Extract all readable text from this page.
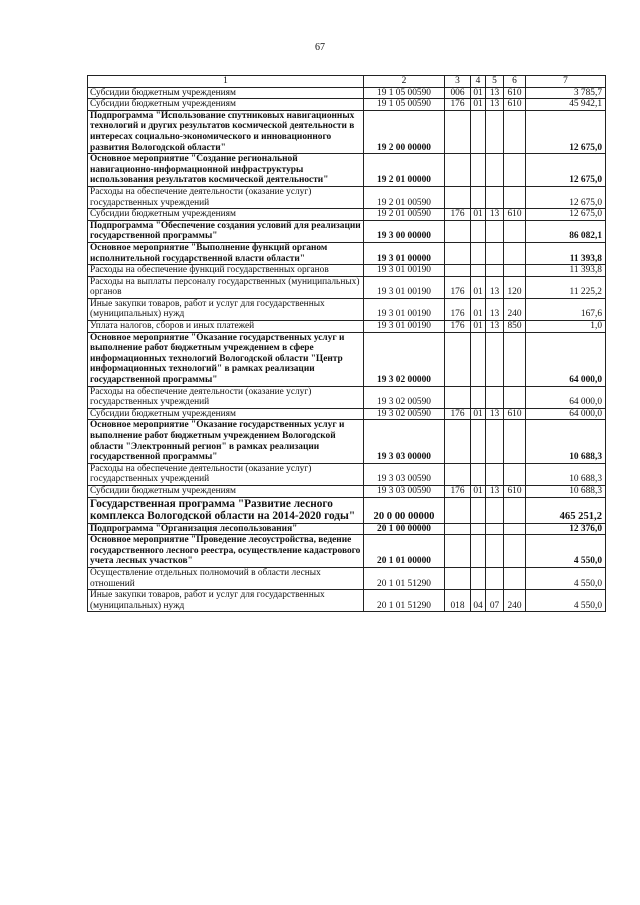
67
1	2	3	4	5	6	7
Субсидии бюджетным учреждениям	19 1 05 00590	006	01	13	610	3 785,7
Субсидии бюджетным учреждениям	19 1 05 00590	176	01	13	610	45 942,1
Подпрограмма "Использование спутниковых навигационных технологий и других результатов космической деятельности в интересах социально-экономического и инновационного развития Вологодской области"	19 2 00 00000					12 675,0
Основное мероприятие "Создание региональной навигационно-информационной инфраструктуры использования результатов космической деятельности"	19 2 01 00000					12 675,0
Расходы на обеспечение деятельности (оказание услуг) государственных учреждений	19 2 01 00590					12 675,0
Субсидии бюджетным учреждениям	19 2 01 00590	176	01	13	610	12 675,0
Подпрограмма "Обеспечение создания условий для реализации государственной программы"	19 3 00 00000					86 082,1
Основное мероприятие "Выполнение функций органом исполнительной государственной власти области"	19 3 01 00000					11 393,8
Расходы на обеспечение функций государственных органов	19 3 01 00190					11 393,8
Расходы на выплаты персоналу государственных (муниципальных) органов	19 3 01 00190	176	01	13	120	11 225,2
Иные закупки товаров, работ и услуг для государственных (муниципальных) нужд	19 3 01 00190	176	01	13	240	167,6
Уплата налогов, сборов и иных платежей	19 3 01 00190	176	01	13	850	1,0
Основное мероприятие "Оказание государственных услуг и выполнение работ бюджетным учреждением в сфере информационных технологий Вологодской области "Центр информационных технологий" в рамках реализации государственной программы"	19 3 02 00000					64 000,0
Расходы на обеспечение деятельности (оказание услуг) государственных учреждений	19 3 02 00590					64 000,0
Субсидии бюджетным учреждениям	19 3 02 00590	176	01	13	610	64 000,0
Основное мероприятие "Оказание государственных услуг и выполнение работ бюджетным учреждением Вологодской области "Электронный регион" в рамках реализации государственной программы"	19 3 03 00000					10 688,3
Расходы на обеспечение деятельности (оказание услуг) государственных учреждений	19 3 03 00590					10 688,3
Субсидии бюджетным учреждениям	19 3 03 00590	176	01	13	610	10 688,3
Государственная программа "Развитие лесного комплекса Вологодской области на 2014-2020 годы"	20 0 00 00000					465 251,2
Подпрограмма "Организация лесопользования"	20 1 00 00000					12 376,0
Основное мероприятие "Проведение лесоустройства, ведение государственного лесного реестра, осуществление кадастрового учета лесных участков"	20 1 01 00000					4 550,0
Осуществление отдельных полномочий в области лесных отношений	20 1 01 51290					4 550,0
Иные закупки товаров, работ и услуг для государственных (муниципальных) нужд	20 1 01 51290	018	04	07	240	4 550,0
